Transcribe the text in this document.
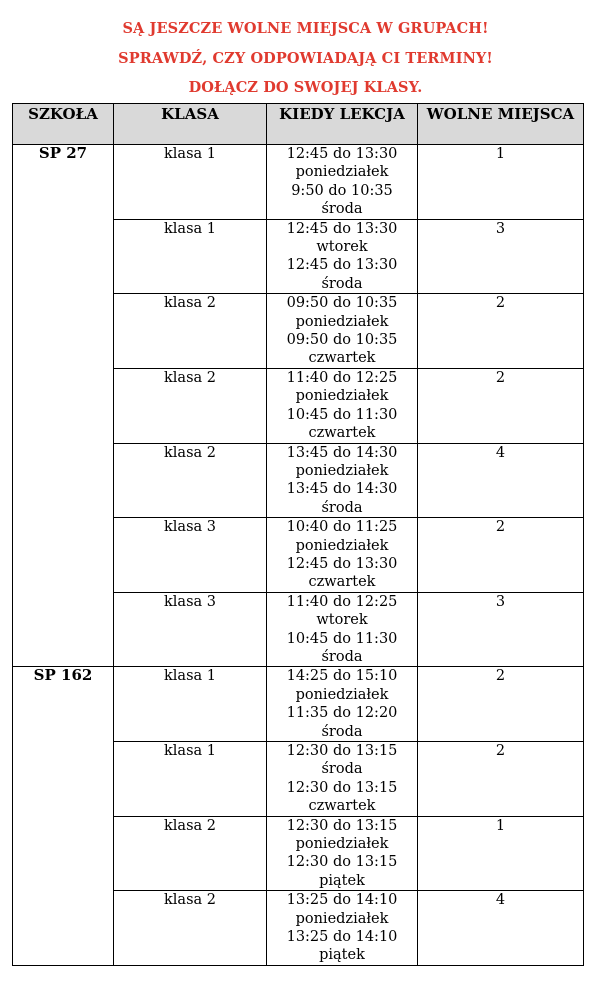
SĄ JESZCZE WOLNE MIEJSCA W GRUPACH!
SPRAWDŹ, CZY ODPOWIADAJĄ CI TERMINY!
DOŁĄCZ DO SWOJEJ KLASY.
SZKOŁA	KLASA	KIEDY LEKCJA	WOLNE MIEJSCA
SP 27	klasa 1	12:45 do 13:30
poniedziałek
9:50 do 10:35
środa	1
	klasa 1	12:45 do 13:30
wtorek
12:45 do 13:30
środa	3
	klasa 2	09:50 do 10:35
poniedziałek
09:50 do 10:35
czwartek	2
	klasa 2	11:40 do 12:25
poniedziałek
10:45 do 11:30
czwartek	2
	klasa 2	13:45 do 14:30
poniedziałek
13:45 do 14:30
środa	4
	klasa 3	10:40 do 11:25
poniedziałek
12:45 do 13:30
czwartek	2
	klasa 3	11:40 do 12:25
wtorek
10:45 do 11:30
środa	3
SP 162	klasa 1	14:25 do 15:10
poniedziałek
11:35 do 12:20
środa	2
	klasa 1	12:30 do 13:15
środa
12:30 do 13:15
czwartek	2
	klasa 2	12:30 do 13:15
poniedziałek
12:30 do 13:15
piątek	1
	klasa 2	13:25 do 14:10
poniedziałek
13:25 do 14:10
piątek	4
